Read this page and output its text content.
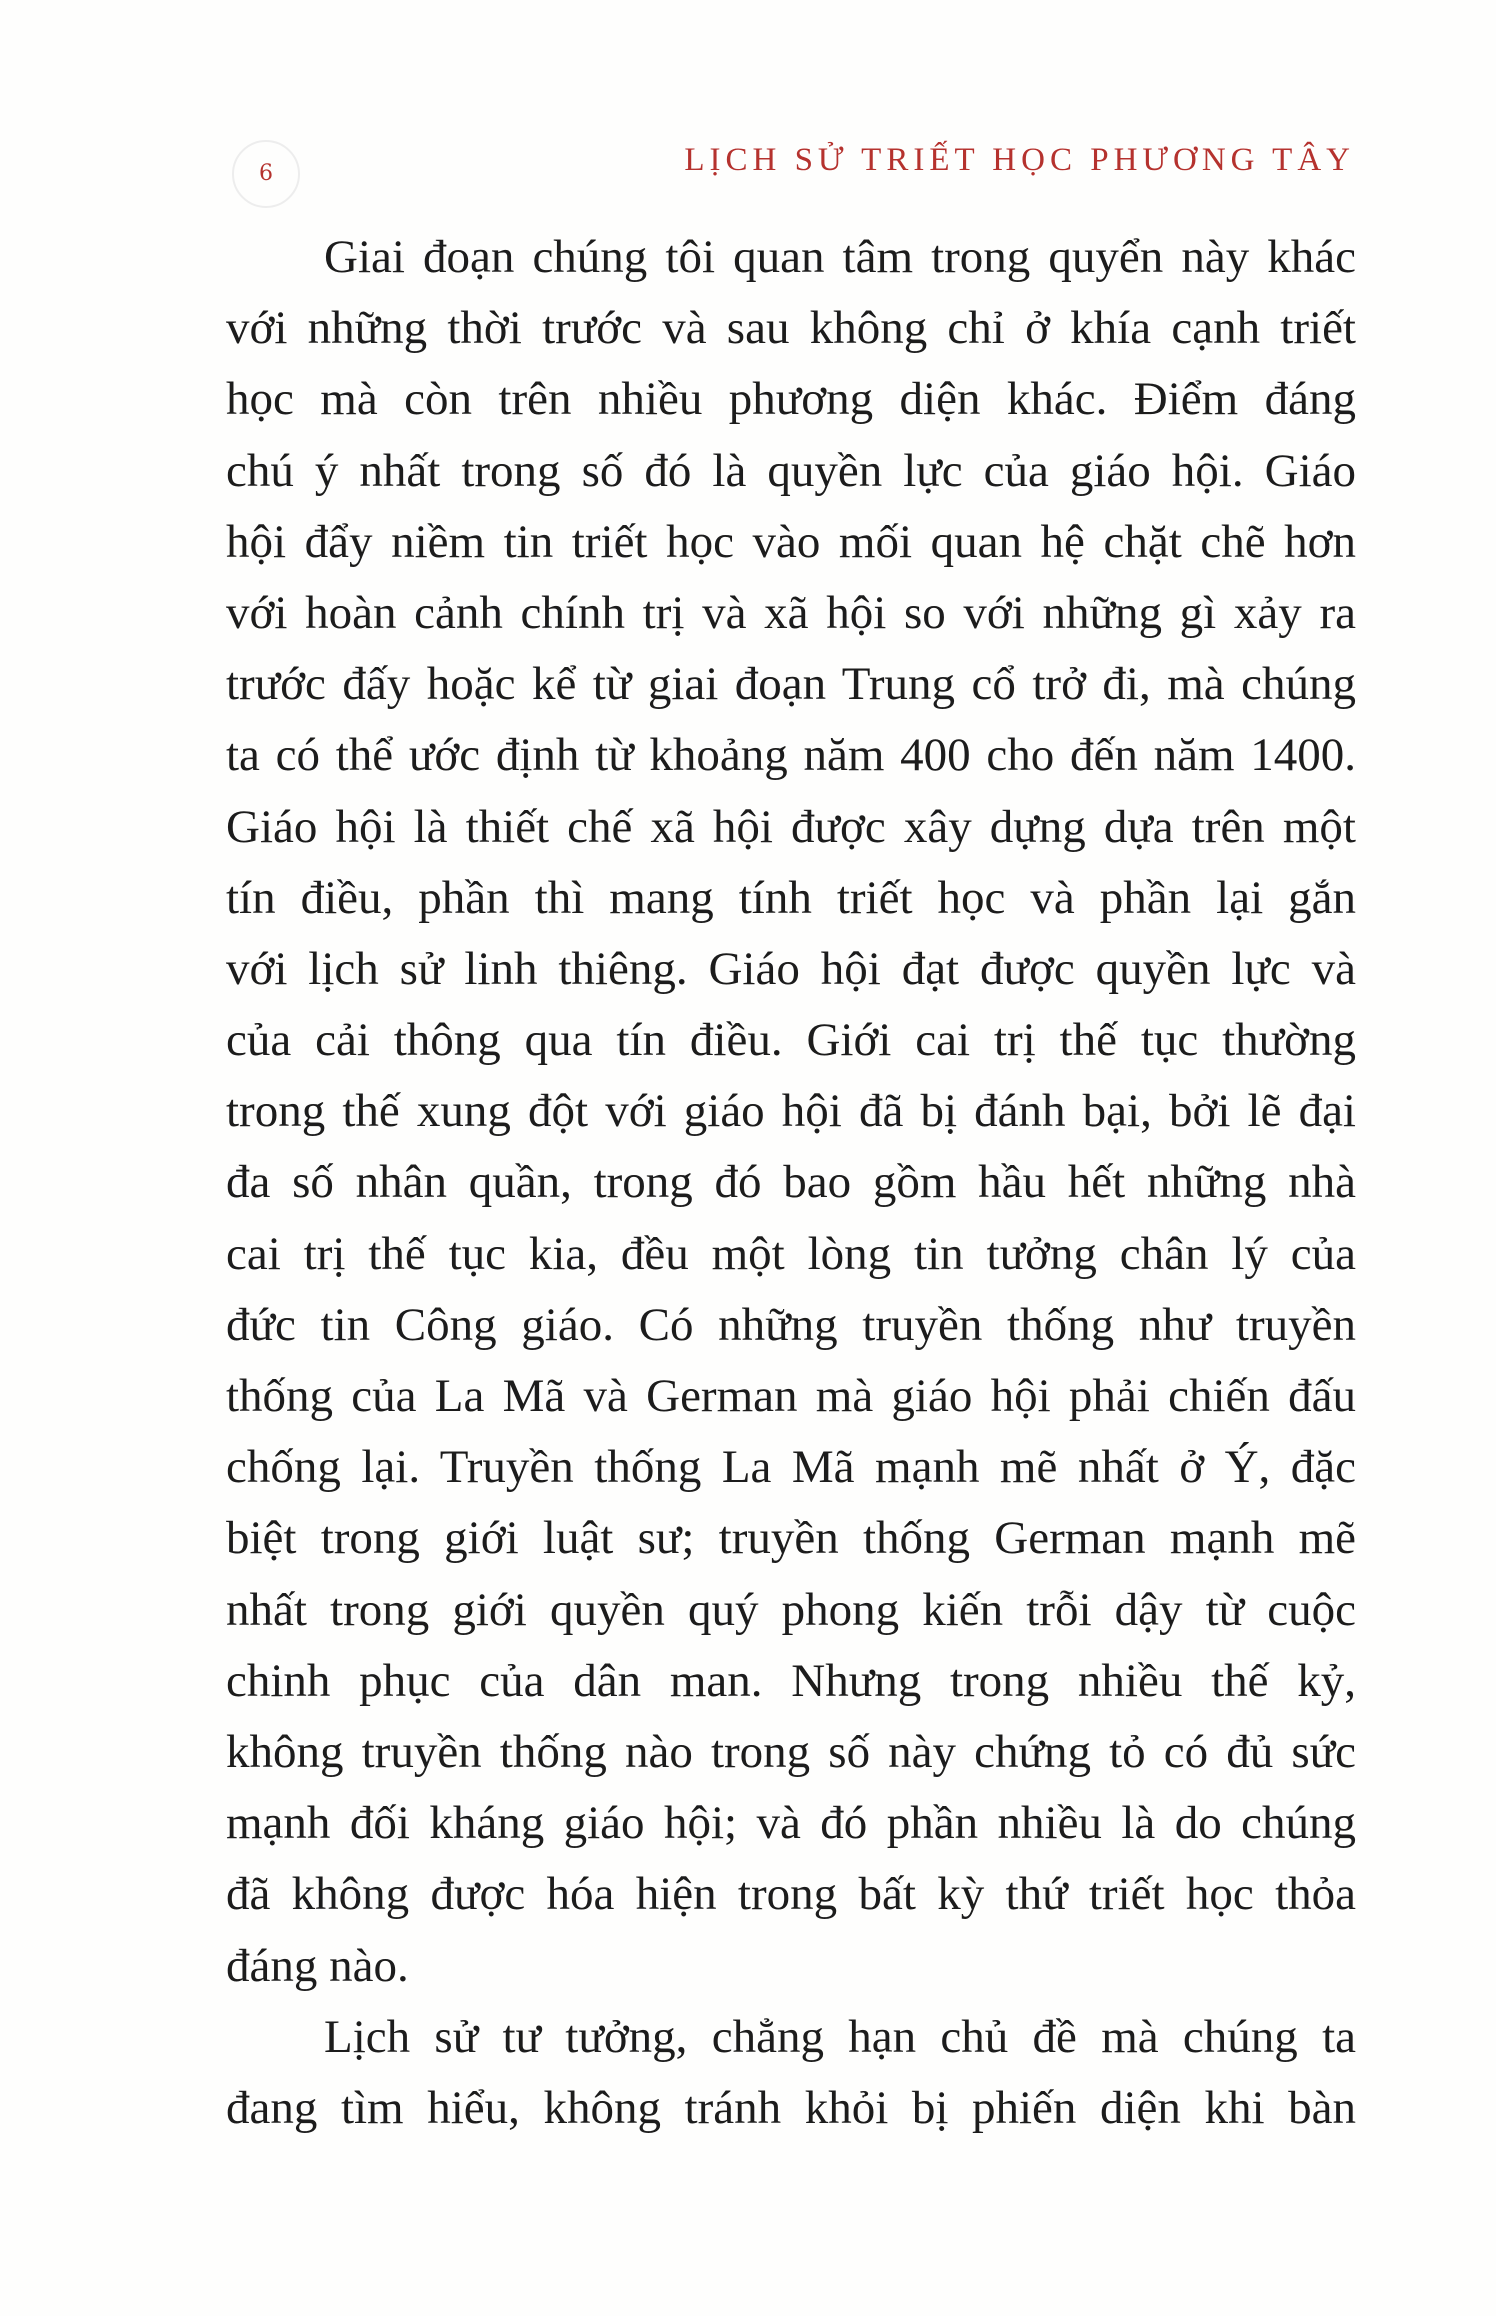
6	LỊCH SỬ TRIẾT HỌC PHƯƠNG TÂY
Giai đoạn chúng tôi quan tâm trong quyển này khác
với những thời trước và sau không chỉ ở khía cạnh triết
học mà còn trên nhiều phương diện khác. Điểm đáng
chú ý nhất trong số đó là quyền lực của giáo hội. Giáo
hội đẩy niềm tin triết học vào mối quan hệ chặt chẽ hơn
với hoàn cảnh chính trị và xã hội so với những gì xảy ra
trước đấy hoặc kể từ giai đoạn Trung cổ trở đi, mà chúng
ta có thể ước định từ khoảng năm 400 cho đến năm 1400.
Giáo hội là thiết chế xã hội được xây dựng dựa trên một
tín điều, phần thì mang tính triết học và phần lại gắn
với lịch sử linh thiêng. Giáo hội đạt được quyền lực và
của cải thông qua tín điều. Giới cai trị thế tục thường
trong thế xung đột với giáo hội đã bị đánh bại, bởi lẽ đại
đa số nhân quần, trong đó bao gồm hầu hết những nhà
cai trị thế tục kia, đều một lòng tin tưởng chân lý của
đức tin Công giáo. Có những truyền thống như truyền
thống của La Mã và German mà giáo hội phải chiến đấu
chống lại. Truyền thống La Mã mạnh mẽ nhất ở Ý, đặc
biệt trong giới luật sư; truyền thống German mạnh mẽ
nhất trong giới quyền quý phong kiến trỗi dậy từ cuộc
chinh phục của dân man. Nhưng trong nhiều thế kỷ,
không truyền thống nào trong số này chứng tỏ có đủ sức
mạnh đối kháng giáo hội; và đó phần nhiều là do chúng
đã không được hóa hiện trong bất kỳ thứ triết học thỏa
đáng nào.
Lịch sử tư tưởng, chẳng hạn chủ đề mà chúng ta
đang tìm hiểu, không tránh khỏi bị phiến diện khi bàn
